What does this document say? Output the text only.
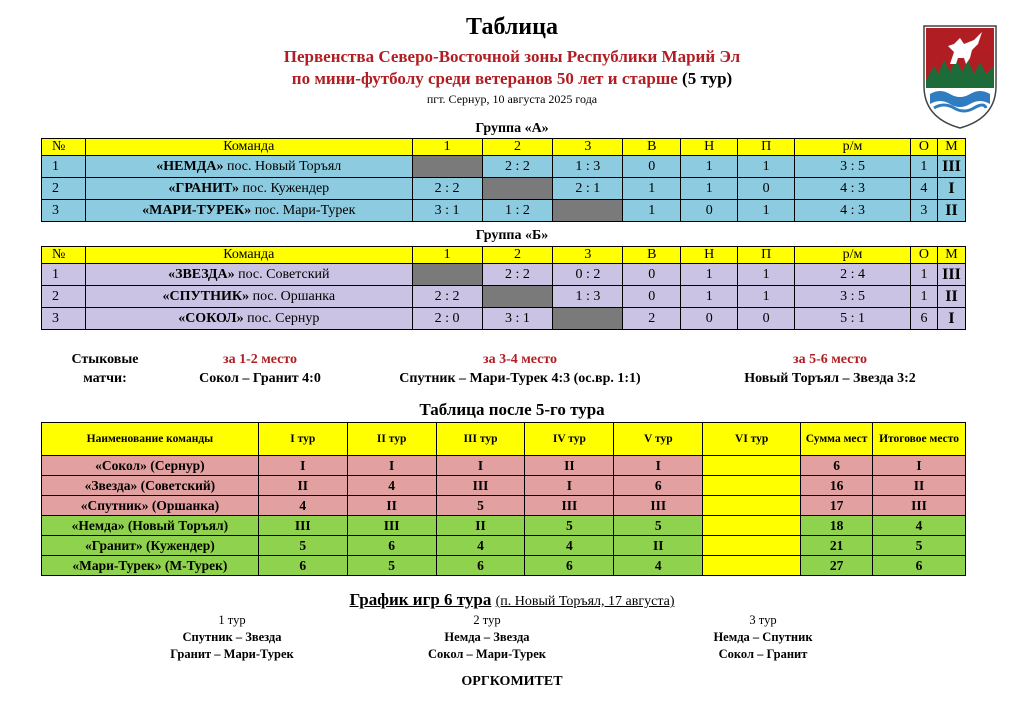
Таблица
Первенства Северо-Восточной зоны Республики Марий Эл
по мини-футболу среди ветеранов 50 лет и старше (5 тур)
пгт. Сернур, 10 августа 2025 года
Группа «А»
№	Команда	1	2	3	В	Н	П	р/м	О	М
1	«НЕМДА» пос. Новый Торъял		2 : 2	1 : 3	0	1	1	3 : 5	1	III
2	«ГРАНИТ» пос. Кужендер	2 : 2		2 : 1	1	1	0	4 : 3	4	I
3	«МАРИ-ТУРЕК» пос. Мари-Турек	3 : 1	1 : 2		1	0	1	4 : 3	3	II
Группа «Б»
№	Команда	1	2	3	В	Н	П	р/м	О	М
1	«ЗВЕЗДА» пос. Советский		2 : 2	0 : 2	0	1	1	2 : 4	1	III
2	«СПУТНИК» пос. Оршанка	2 : 2		1 : 3	0	1	1	3 : 5	1	II
3	«СОКОЛ» пос. Сернур	2 : 0	3 : 1		2	0	0	5 : 1	6	I
Стыковые
матчи:
за 1-2 место
Сокол – Гранит 4:0
за 3-4 место
Спутник – Мари-Турек 4:3 (ос.вр. 1:1)
за 5-6 место
Новый Торъял – Звезда 3:2
Таблица после 5-го тура
Наименование команды	I тур	II тур	III тур	IV тур	V тур	VI тур	Сумма мест	Итоговое место
«Сокол» (Сернур)	I	I	I	II	I		6	I
«Звезда» (Советский)	II	4	III	I	6		16	II
«Спутник» (Оршанка)	4	II	5	III	III		17	III
«Немда» (Новый Торъял)	III	III	II	5	5		18	4
«Гранит» (Кужендер)	5	6	4	4	II		21	5
«Мари-Турек» (М-Турек)	6	5	6	6	4		27	6
График игр 6 тура (п. Новый Торъял, 17 августа)
1 тур
Спутник – Звезда
Гранит – Мари-Турек
2 тур
Немда – Звезда
Сокол – Мари-Турек
3 тур
Немда – Спутник
Сокол – Гранит
ОРГКОМИТЕТ
